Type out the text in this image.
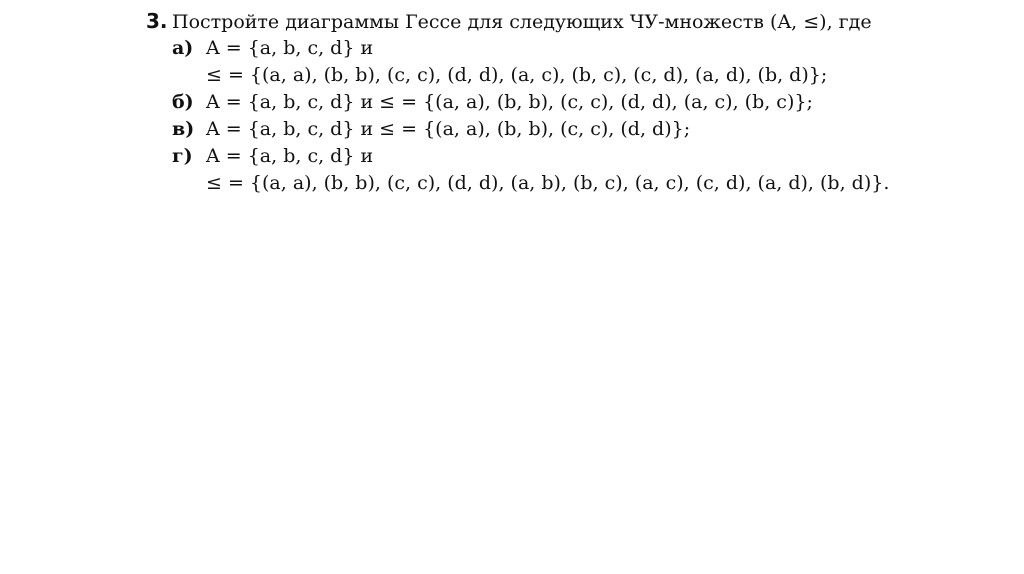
3. Постройте диаграммы Гессе для следующих ЧУ-множеств (A, ≤), где
а) A = {a, b, c, d} и
≤ = {(a, a), (b, b), (c, c), (d, d), (a, c), (b, c), (c, d), (a, d), (b, d)};
б) A = {a, b, c, d} и ≤ = {(a, a), (b, b), (c, c), (d, d), (a, c), (b, c)};
в) A = {a, b, c, d} и ≤ = {(a, a), (b, b), (c, c), (d, d)};
г) A = {a, b, c, d} и
≤ = {(a, a), (b, b), (c, c), (d, d), (a, b), (b, c), (a, c), (c, d), (a, d), (b, d)}.
